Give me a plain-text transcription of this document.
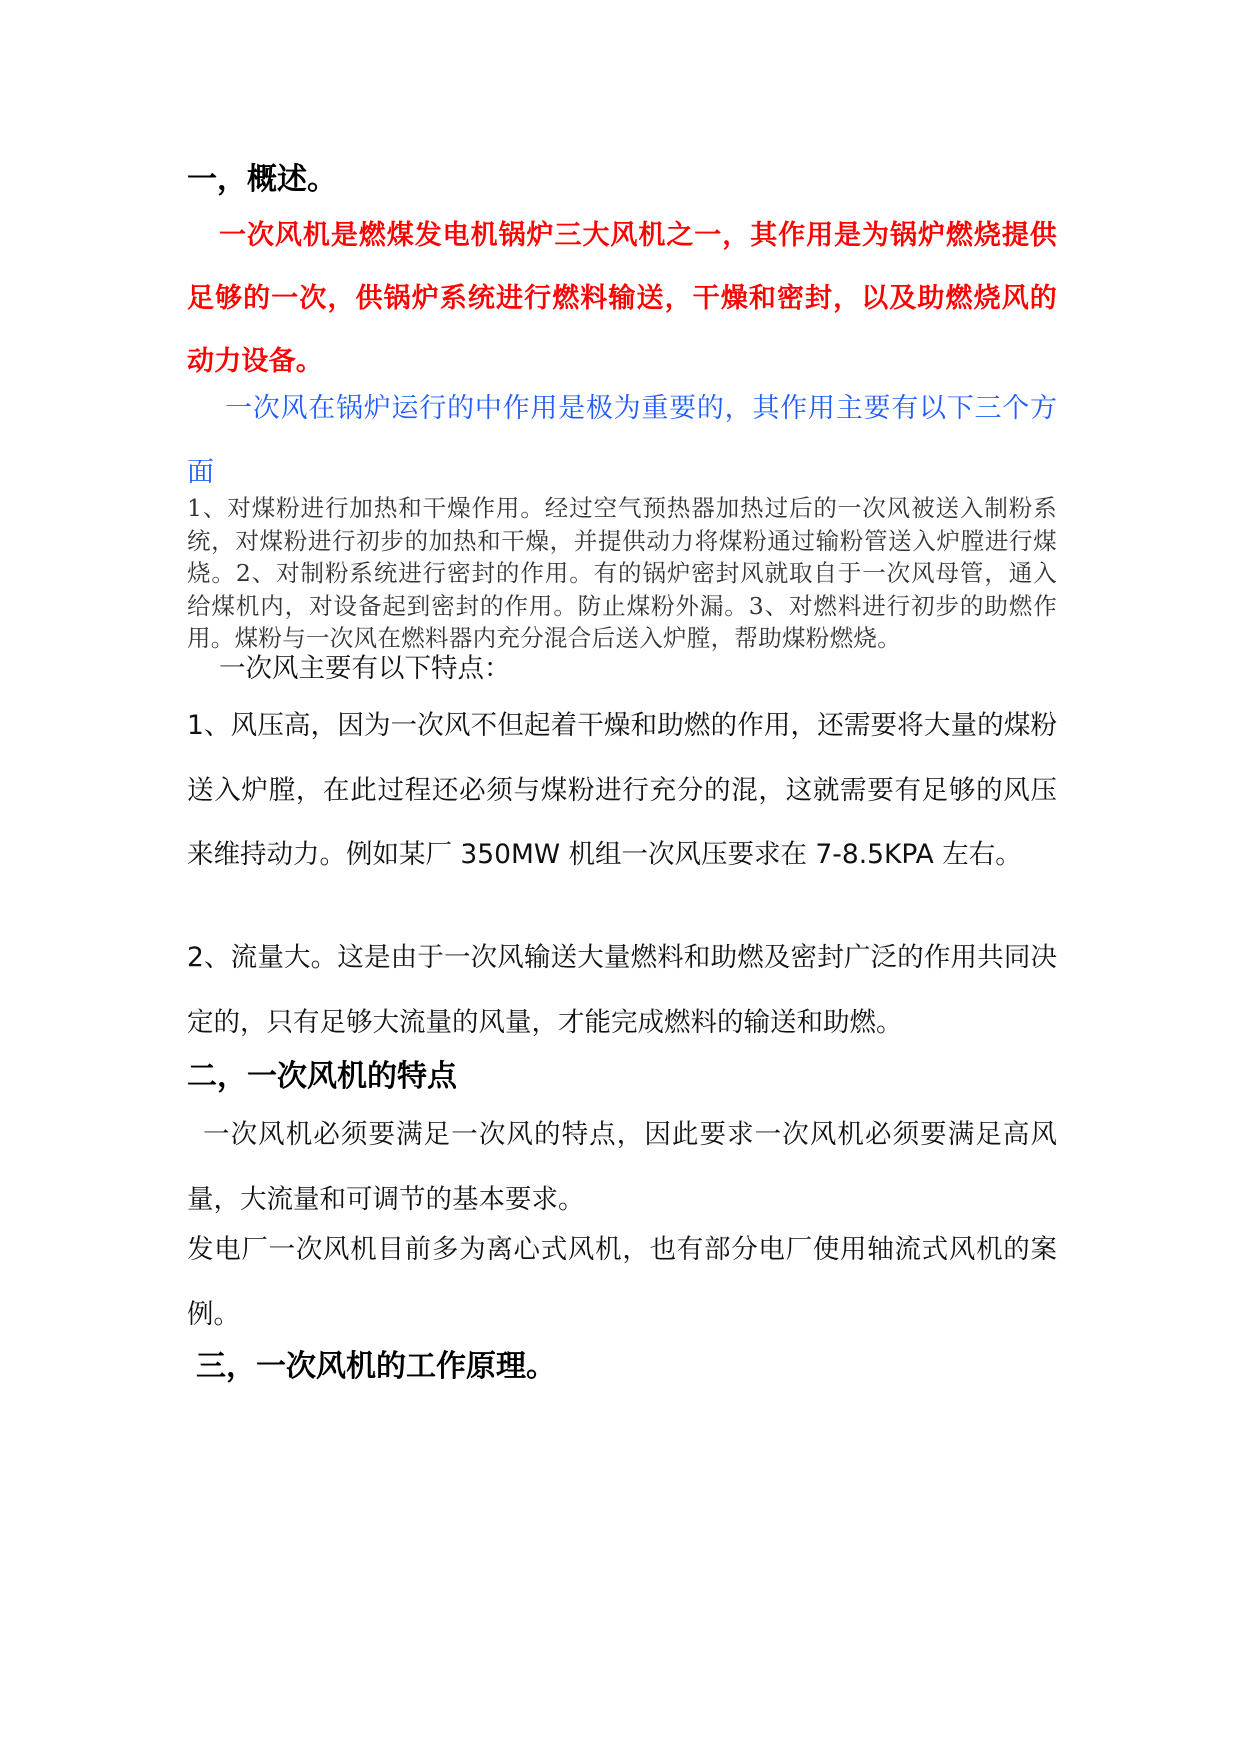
一，概述。

一次风机是燃煤发电机锅炉三大风机之一，其作用是为锅炉燃烧提供足够的一次，供锅炉系统进行燃料输送，干燥和密封，以及助燃烧风的动力设备。

一次风在锅炉运行的中作用是极为重要的，其作用主要有以下三个方面

1、对煤粉进行加热和干燥作用。经过空气预热器加热过后的一次风被送入制粉系统，对煤粉进行初步的加热和干燥，并提供动力将煤粉通过输粉管送入炉膛进行煤烧。2、对制粉系统进行密封的作用。有的锅炉密封风就取自于一次风母管，通入给煤机内，对设备起到密封的作用。防止煤粉外漏。3、对燃料进行初步的助燃作用。煤粉与一次风在燃料器内充分混合后送入炉膛，帮助煤粉燃烧。

一次风主要有以下特点：

1、风压高，因为一次风不但起着干燥和助燃的作用，还需要将大量的煤粉送入炉膛，在此过程还必须与煤粉进行充分的混，这就需要有足够的风压来维持动力。例如某厂 350MW 机组一次风压要求在 7-8.5KPA 左右。

2、流量大。这是由于一次风输送大量燃料和助燃及密封广泛的作用共同决定的，只有足够大流量的风量，才能完成燃料的输送和助燃。

二，一次风机的特点

一次风机必须要满足一次风的特点，因此要求一次风机必须要满足高风量，大流量和可调节的基本要求。

发电厂一次风机目前多为离心式风机，也有部分电厂使用轴流式风机的案例。

三，一次风机的工作原理。
